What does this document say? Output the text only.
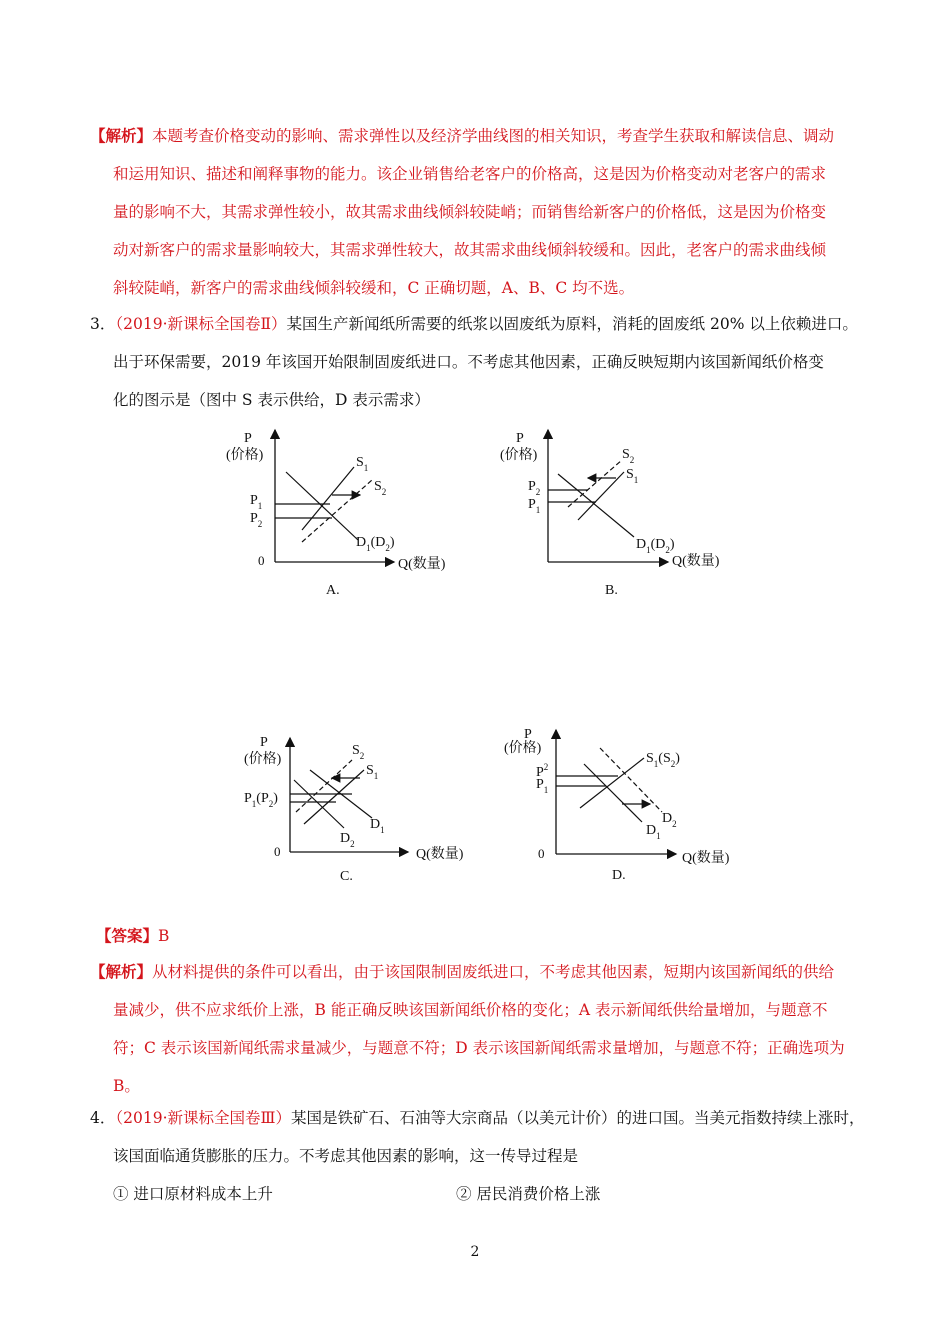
【解析】本题考查价格变动的影响、需求弹性以及经济学曲线图的相关知识，考查学生获取和解读信息、调动
和运用知识、描述和阐释事物的能力。该企业销售给老客户的价格高，这是因为价格变动对老客户的需求
量的影响不大，其需求弹性较小，故其需求曲线倾斜较陡峭；而销售给新客户的价格低，这是因为价格变
动对新客户的需求量影响较大，其需求弹性较大，故其需求曲线倾斜较缓和。因此，老客户的需求曲线倾
斜较陡峭，新客户的需求曲线倾斜较缓和，C 正确切题，A、B、C 均不选。
3．（2019·新课标全国卷Ⅱ）某国生产新闻纸所需要的纸浆以固废纸为原料，消耗的固废纸 20% 以上依赖进口。
出于环保需要，2019 年该国开始限制固废纸进口。不考虑其他因素，正确反映短期内该国新闻纸价格变
化的图示是（图中 S 表示供给，D 表示需求）
P
(价格)
0	Q(数量)
$P_1$
$P_2$
$S_1$
$S_2$
$D_1(D_2)$
A.
P
(价格)
Q(数量)
$P_2$
$P_1$
$S_2$
$S_1$
$D_1(D_2)$
B.
P
(价格)
0	Q(数量)
$P_1(P_2)$
$S_2$
$S_1$
$D_1$
$D_2$
C.
P
(价格)
0	Q(数量)
$P^2$
$P_1$
$S_1(S_2)$
$D_2$
$D_1$
D.
【答案】B
【解析】从材料提供的条件可以看出，由于该国限制固废纸进口，不考虑其他因素，短期内该国新闻纸的供给
量减少，供不应求纸价上涨，B 能正确反映该国新闻纸价格的变化；A 表示新闻纸供给量增加，与题意不
符；C 表示该国新闻纸需求量减少，与题意不符；D 表示该国新闻纸需求量增加，与题意不符；正确选项为
B。
4．（2019·新课标全国卷Ⅲ）某国是铁矿石、石油等大宗商品（以美元计价）的进口国。当美元指数持续上涨时，
该国面临通货膨胀的压力。不考虑其他因素的影响，这一传导过程是
① 进口原材料成本上升	② 居民消费价格上涨
2
